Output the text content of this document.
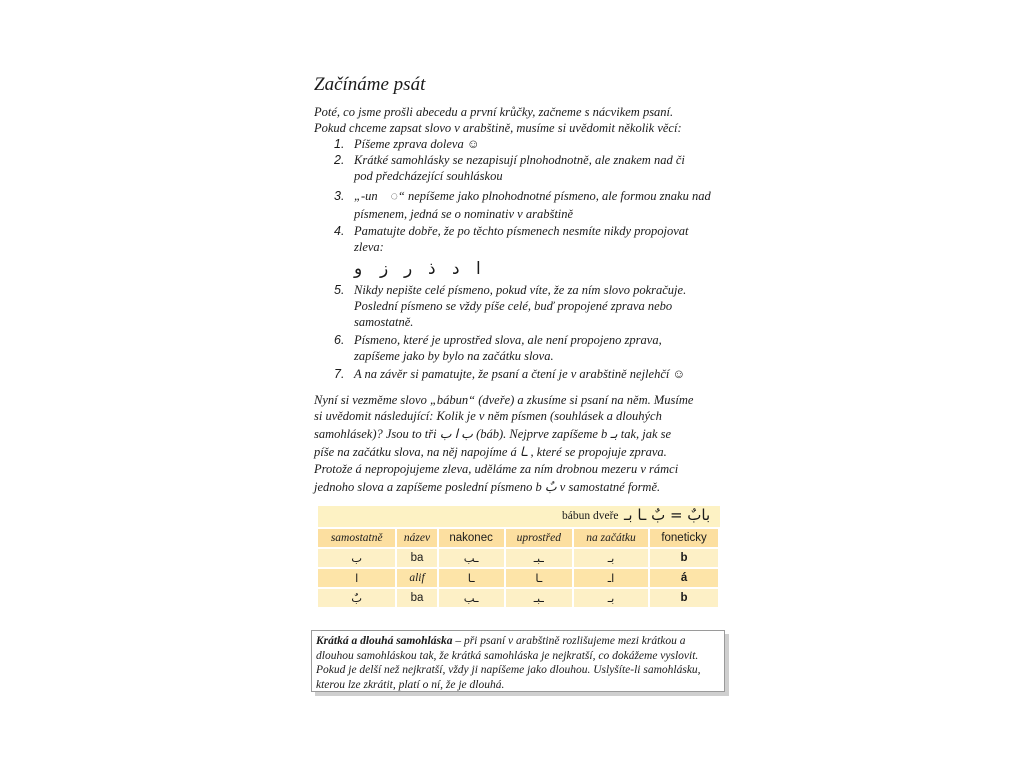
Začínáme psát
Poté, co jsme prošli abecedu a první krůčky, začneme s nácvikem psaní.
Pokud chceme zapsat slovo v arabštině, musíme si uvědomit několik věcí:
1. Píšeme zprava doleva ☺
2. Krátké samohlásky se nezapisují plnohodnotně, ale znakem nad či
pod předcházející souhláskou
3. „-un ◌ٌ“ nepíšeme jako plnohodnotné písmeno, ale formou znaku nad
písmenem, jedná se o nominativ v arabštině
4. Pamatujte dobře, že po těchto písmenech nesmíte nikdy propojovat
zleva:
ا
د
ذ
ر
ز
و
5. Nikdy nepište celé písmeno, pokud víte, že za ním slovo pokračuje.
Poslední písmeno se vždy píše celé, buď propojené zprava nebo
samostatně.
6. Písmeno, které je uprostřed slova, ale není propojeno zprava,
zapíšeme jako by bylo na začátku slova.
7. A na závěr si pamatujte, že psaní a čtení je v arabštině nejlehčí ☺
Nyní si vezměme slovo „bábun“ (dveře) a zkusíme si psaní na něm. Musíme
si uvědomit následující: Kolik je v něm písmen (souhlásek a dlouhých
samohlásek)? Jsou to tři ب ا ب (báb). Nejprve zapíšeme b بـ tak, jak se
píše na začátku slova, na něj napojíme á ـا , které se propojuje zprava.
Protože á nepropojujeme zleva, uděláme za ním drobnou mezeru v rámci
jednoho slova a zapíšeme poslední písmeno b بٌ v samostatné formě.
bábun dveře بابٌ = بٌ ـا بـ
samostatně	název	nakonec	uprostřed	na začátku	foneticky
ب	ba	ـب	ـبـ	بـ	b
ا	alif	ـا	ـا	اـ	á
بٌ	ba	ـب	ـبـ	بـ	b
Krátká a dlouhá samohláska – při psaní v arabštině rozlišujeme mezi krátkou a
dlouhou samohláskou tak, že krátká samohláska je nejkratší, co dokážeme vyslovit.
Pokud je delší než nejkratší, vždy ji napíšeme jako dlouhou. Uslyšíte-li samohlásku,
kterou lze zkrátit, platí o ní, že je dlouhá.
